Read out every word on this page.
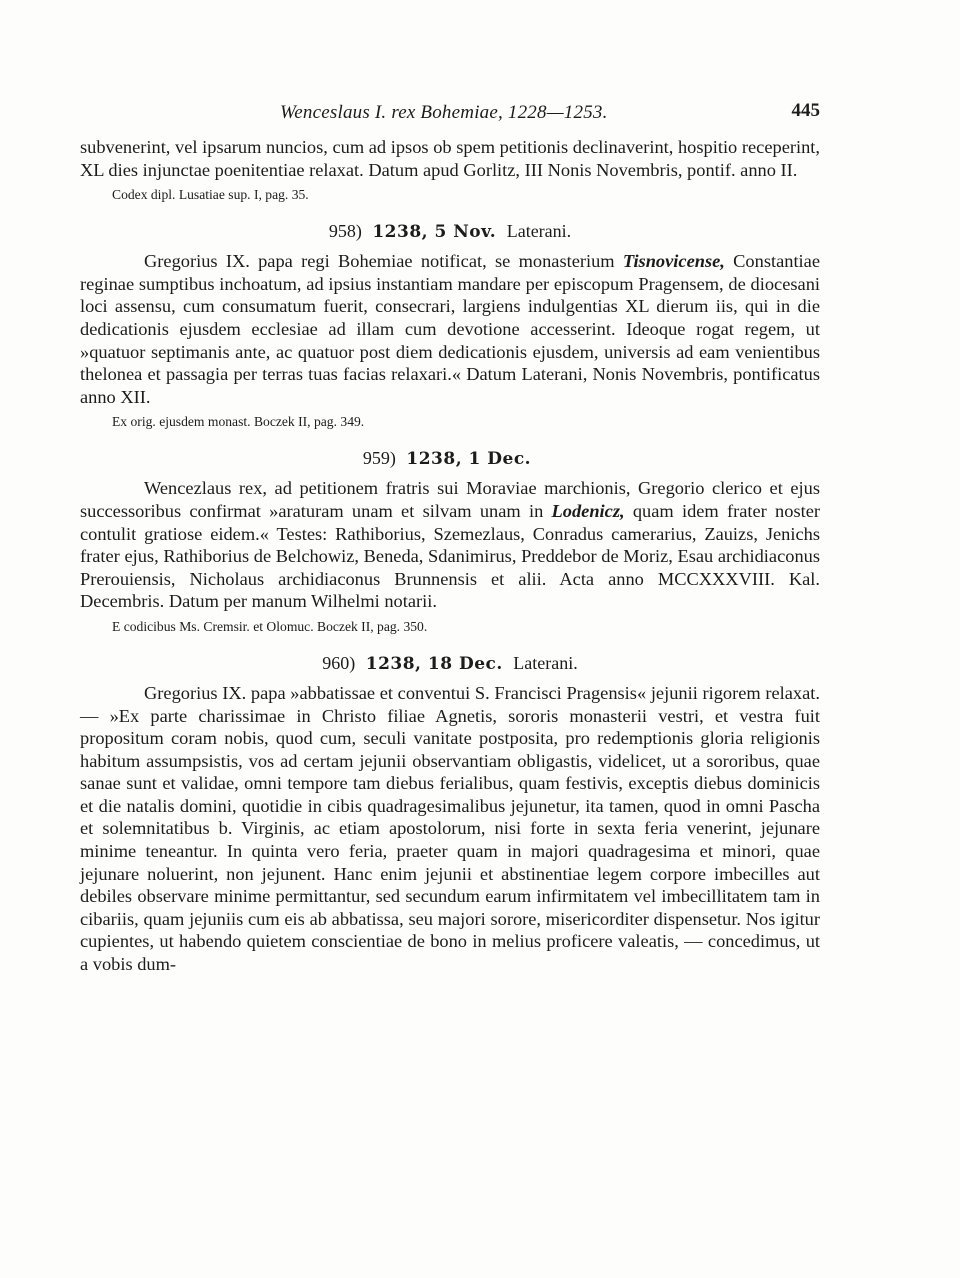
Wenceslaus I. rex Bohemiae, 1228—1253.	445

subvenerint, vel ipsarum nuncios, cum ad ipsos ob spem petitionis declinaverint, hospitio receperint, XL dies injunctae poenitentiae relaxat. Datum apud Gorlitz, III Nonis Novembris, pontif. anno II.

Codex dipl. Lusatiae sup. I, pag. 35.

958) 1238, 5 Nov. Laterani.

Gregorius IX. papa regi Bohemiae notificat, se monasterium Tisnovicense, Constantiae reginae sumptibus inchoatum, ad ipsius instantiam mandare per episcopum Pragensem, de diocesani loci assensu, cum consumatum fuerit, consecrari, largiens indulgentias XL dierum iis, qui in die dedicationis ejusdem ecclesiae ad illam cum devotione accesserint. Ideoque rogat regem, ut »quatuor septimanis ante, ac quatuor post diem dedicationis ejusdem, universis ad eam venientibus thelonea et passagia per terras tuas facias relaxari.« Datum Laterani, Nonis Novembris, pontificatus anno XII.

Ex orig. ejusdem monast. Boczek II, pag. 349.

959) 1238, 1 Dec.

Wencezlaus rex, ad petitionem fratris sui Moraviae marchionis, Gregorio clerico et ejus successoribus confirmat »araturam unam et silvam unam in Lodenicz, quam idem frater noster contulit gratiose eidem.« Testes: Rathiborius, Szemezlaus, Conradus camerarius, Zauizs, Jenichs frater ejus, Rathiborius de Belchowiz, Beneda, Sdanimirus, Preddebor de Moriz, Esau archidiaconus Prerouiensis, Nicholaus archidiaconus Brunnensis et alii. Acta anno MCCXXXVIII. Kal. Decembris. Datum per manum Wilhelmi notarii.

E codicibus Ms. Cremsir. et Olomuc. Boczek II, pag. 350.

960) 1238, 18 Dec. Laterani.

Gregorius IX. papa »abbatissae et conventui S. Francisci Pragensis« jejunii rigorem relaxat. — »Ex parte charissimae in Christo filiae Agnetis, sororis monasterii vestri, et vestra fuit propositum coram nobis, quod cum, seculi vanitate postposita, pro redemptionis gloria religionis habitum assumpsistis, vos ad certam jejunii observantiam obligastis, videlicet, ut a sororibus, quae sanae sunt et validae, omni tempore tam diebus ferialibus, quam festivis, exceptis diebus dominicis et die natalis domini, quotidie in cibis quadragesimalibus jejunetur, ita tamen, quod in omni Pascha et solemnitatibus b. Virginis, ac etiam apostolorum, nisi forte in sexta feria venerint, jejunare minime teneantur. In quinta vero feria, praeter quam in majori quadragesima et minori, quae jejunare noluerint, non jejunent. Hanc enim jejunii et abstinentiae legem corpore imbecilles aut debiles observare minime permittantur, sed secundum earum infirmitatem vel imbecillitatem tam in cibariis, quam jejuniis cum eis ab abbatissa, seu majori sorore, misericorditer dispensetur. Nos igitur cupientes, ut habendo quietem conscientiae de bono in melius proficere valeatis, — concedimus, ut a vobis dum-
